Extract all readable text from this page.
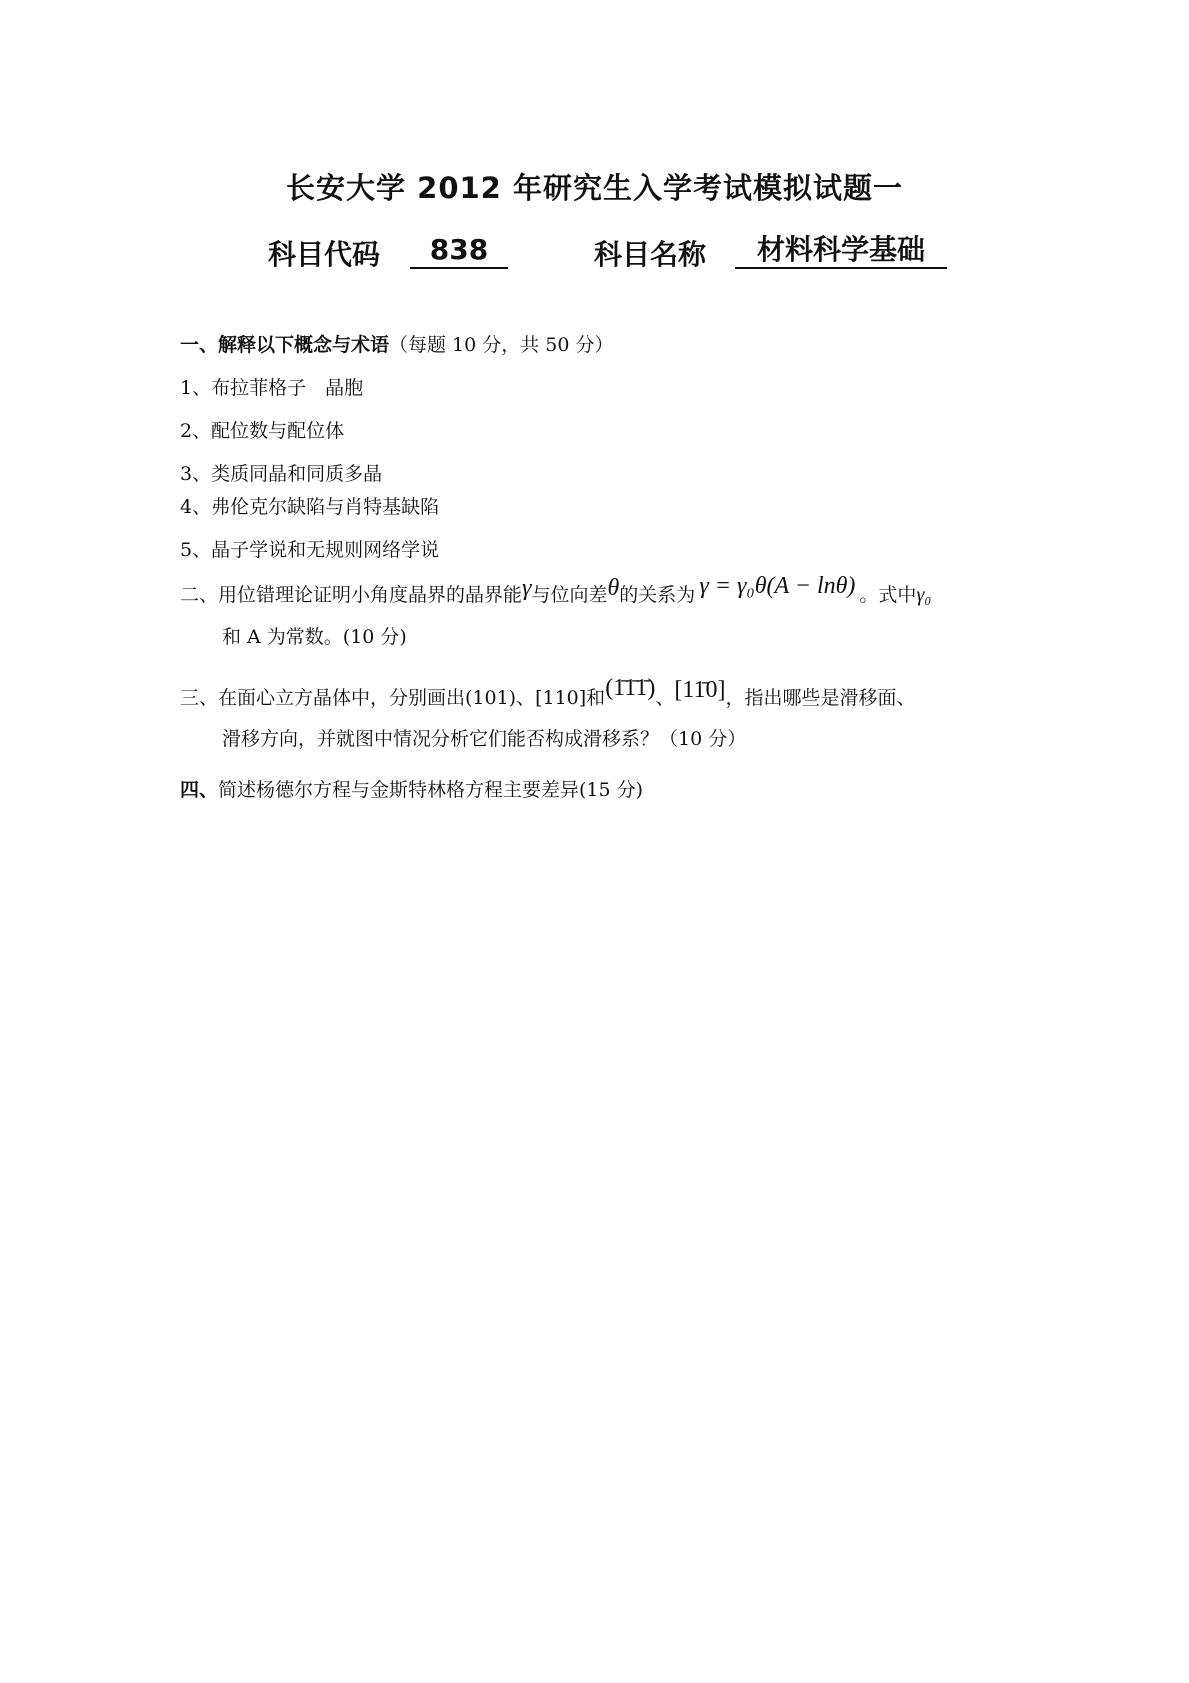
长安大学 2012 年研究生入学考试模拟试题一
科目代码	838	科目名称	材料科学基础
一、解释以下概念与术语（每题 10 分，共 50 分）
1、布拉菲格子　晶胞
2、配位数与配位体
3、类质同晶和同质多晶
4、弗伦克尔缺陷与肖特基缺陷
5、晶子学说和无规则网络学说
二、用位错理论证明小角度晶界的晶界能γ与位向差θ的关系为 γ = γ₀θ(A − lnθ) 。式中γ₀
和 A 为常数。(10 分)
三、在面心立方晶体中，分别画出(101)、[110]和(1̄1̄1̄)、[11̄0]，指出哪些是滑移面、
滑移方向，并就图中情况分析它们能否构成滑移系？（10 分）
四、简述杨德尔方程与金斯特林格方程主要差异(15 分)
